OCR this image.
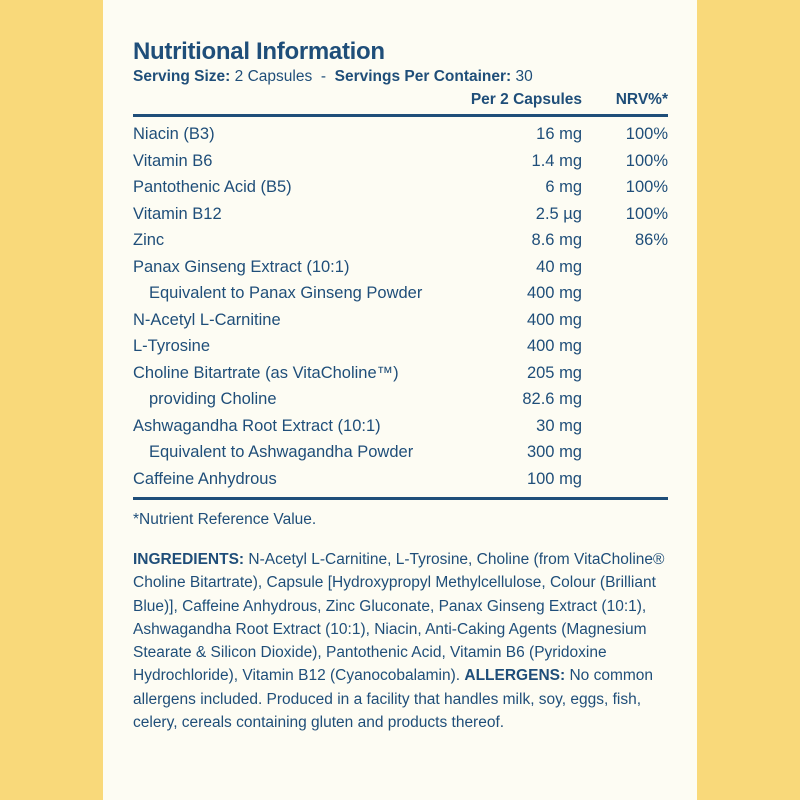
Nutritional Information
Serving Size: 2 Capsules - Servings Per Container: 30
Per 2 Capsules	NRV%*
Niacin (B3)	16 mg	100%
Vitamin B6	1.4 mg	100%
Pantothenic Acid (B5)	6 mg	100%
Vitamin B12	2.5 µg	100%
Zinc	8.6 mg	86%
Panax Ginseng Extract (10:1)	40 mg
Equivalent to Panax Ginseng Powder	400 mg
N-Acetyl L-Carnitine	400 mg
L-Tyrosine	400 mg
Choline Bitartrate (as VitaCholine™)	205 mg
providing Choline	82.6 mg
Ashwagandha Root Extract (10:1)	30 mg
Equivalent to Ashwagandha Powder	300 mg
Caffeine Anhydrous	100 mg
*Nutrient Reference Value.
INGREDIENTS: N-Acetyl L-Carnitine, L-Tyrosine, Choline (from VitaCholine® Choline Bitartrate), Capsule [Hydroxypropyl Methylcellulose, Colour (Brilliant Blue)], Caffeine Anhydrous, Zinc Gluconate, Panax Ginseng Extract (10:1), Ashwagandha Root Extract (10:1), Niacin, Anti-Caking Agents (Magnesium Stearate & Silicon Dioxide), Pantothenic Acid, Vitamin B6 (Pyridoxine Hydrochloride), Vitamin B12 (Cyanocobalamin). ALLERGENS: No common allergens included. Produced in a facility that handles milk, soy, eggs, fish, celery, cereals containing gluten and products thereof.
